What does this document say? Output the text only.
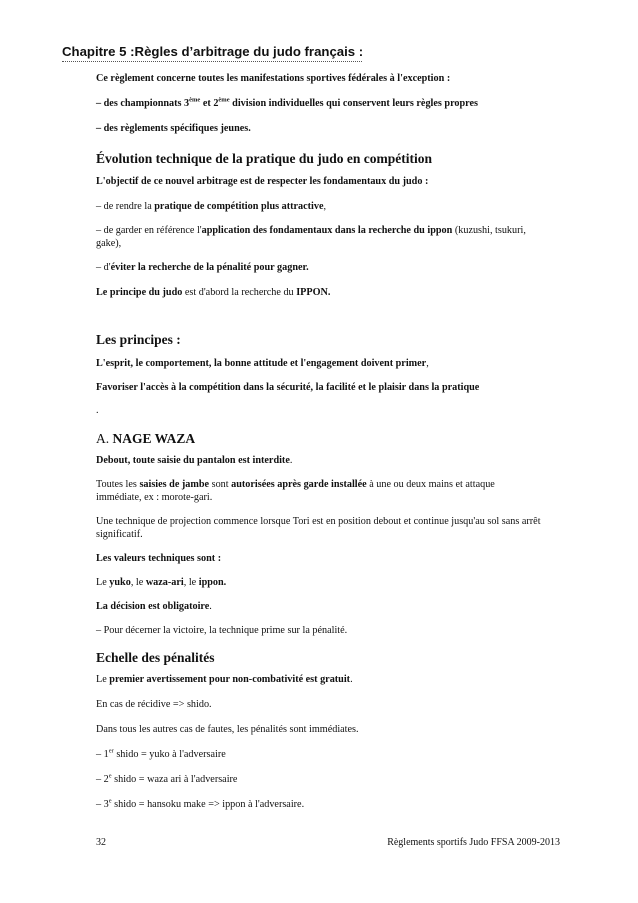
Chapitre 5 :Règles d’arbitrage du judo français :

Ce règlement concerne toutes les manifestations sportives fédérales à l'exception :

– des championnats 3ème et 2ème division individuelles qui conservent leurs règles propres

– des règlements spécifiques jeunes.

Évolution technique de la pratique du judo en compétition

L'objectif de ce nouvel arbitrage est de respecter les fondamentaux du judo :

– de rendre la pratique de compétition plus attractive,

– de garder en référence l'application des fondamentaux dans la recherche du ippon (kuzushi, tsukuri, gake),

– d'éviter la recherche de la pénalité pour gagner.

Le principe du judo est d'abord la recherche du IPPON.

Les principes :

L'esprit, le comportement, la bonne attitude et l'engagement doivent primer,

Favoriser l'accès à la compétition dans la sécurité, la facilité et le plaisir dans la pratique

.

A. NAGE WAZA

Debout, toute saisie du pantalon est interdite.

Toutes les saisies de jambe sont autorisées après garde installée à une ou deux mains et attaque immédiate, ex : morote-gari.

Une technique de projection commence lorsque Tori est en position debout et continue jusqu'au sol sans arrêt significatif.

Les valeurs techniques sont :

Le yuko, le waza-ari, le ippon.

La décision est obligatoire.

– Pour décerner la victoire, la technique prime sur la pénalité.

Echelle des pénalités

Le premier avertissement pour non-combativité est gratuit.

En cas de récidive => shido.

Dans tous les autres cas de fautes, les pénalités sont immédiates.

– 1er shido = yuko à l'adversaire

– 2e shido = waza ari à l'adversaire

– 3e shido = hansoku make => ippon à l'adversaire.

32	Règlements sportifs Judo FFSA 2009-2013
